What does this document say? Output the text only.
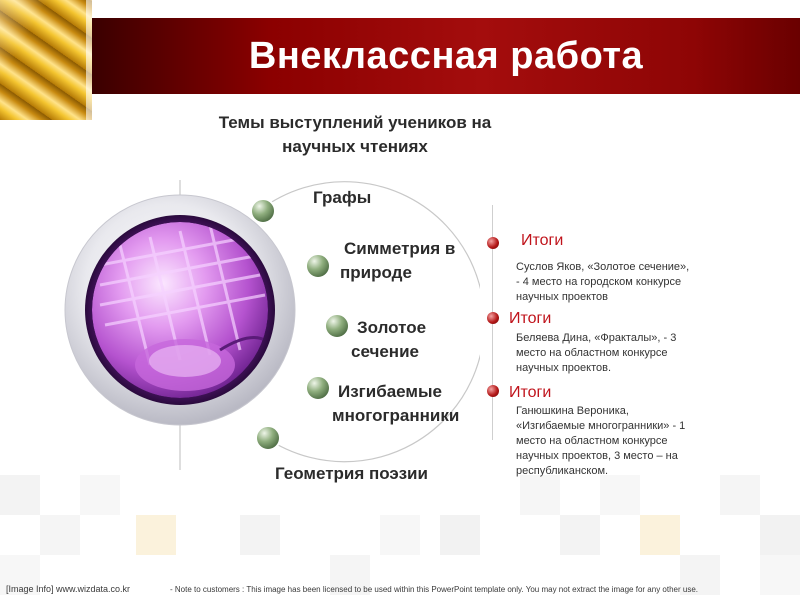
Внеклассная работа
Темы выступлений учеников на
научных чтениях
Графы
Симметрия в
природе
Золотое
сечение
Изгибаемые
многогранники
Геометрия поэзии
Итоги
Суслов Яков, «Золотое сечение»,
- 4 место на городском конкурсе
научных проектов
Итоги
Беляева Дина, «Фракталы», - 3
место на областном конкурсе
научных проектов.
Итоги
Ганюшкина Вероника,
«Изгибаемые многогранники» - 1
место на областном конкурсе
научных проектов, 3 место – на
республиканском.
[Image Info] www.wizdata.co.kr	- Note to customers : This image has been licensed to be used within this PowerPoint template only. You may not extract the image for any other use.
